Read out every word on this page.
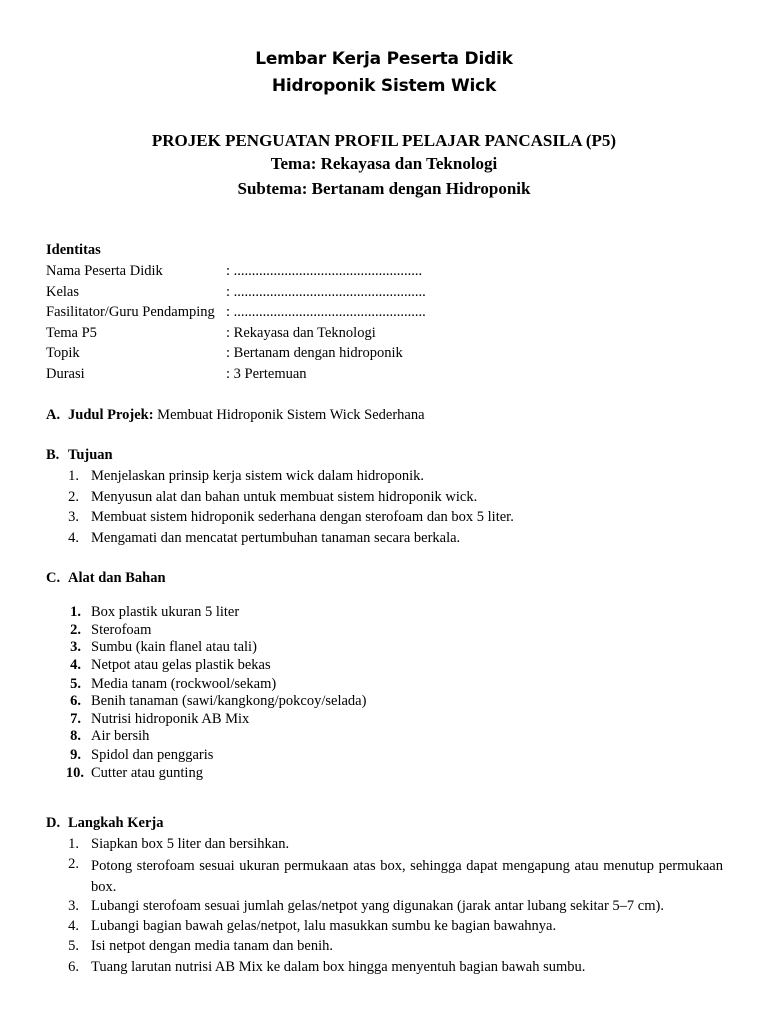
Lembar Kerja Peserta Didik
Hidroponik Sistem Wick
PROJEK PENGUATAN PROFIL PELAJAR PANCASILA (P5)
Tema: Rekayasa dan Teknologi
Subtema: Bertanam dengan Hidroponik
Identitas
Nama Peserta Didik	: ....................................................
Kelas	: .....................................................
Fasilitator/Guru Pendamping : .....................................................
Tema P5	: Rekayasa dan Teknologi
Topik	: Bertanam dengan hidroponik
Durasi	: 3 Pertemuan
A. Judul Projek: Membuat Hidroponik Sistem Wick Sederhana
B. Tujuan
1. Menjelaskan prinsip kerja sistem wick dalam hidroponik.
2. Menyusun alat dan bahan untuk membuat sistem hidroponik wick.
3. Membuat sistem hidroponik sederhana dengan sterofoam dan box 5 liter.
4. Mengamati dan mencatat pertumbuhan tanaman secara berkala.
C. Alat dan Bahan
1. Box plastik ukuran 5 liter
2. Sterofoam
3. Sumbu (kain flanel atau tali)
4. Netpot atau gelas plastik bekas
5. Media tanam (rockwool/sekam)
6. Benih tanaman (sawi/kangkong/pokcoy/selada)
7. Nutrisi hidroponik AB Mix
8. Air bersih
9. Spidol dan penggaris
10. Cutter atau gunting
D. Langkah Kerja
1. Siapkan box 5 liter dan bersihkan.
2. Potong sterofoam sesuai ukuran permukaan atas box, sehingga dapat mengapung atau menutup permukaan box.
3. Lubangi sterofoam sesuai jumlah gelas/netpot yang digunakan (jarak antar lubang sekitar 5–7 cm).
4. Lubangi bagian bawah gelas/netpot, lalu masukkan sumbu ke bagian bawahnya.
5. Isi netpot dengan media tanam dan benih.
6. Tuang larutan nutrisi AB Mix ke dalam box hingga menyentuh bagian bawah sumbu.
